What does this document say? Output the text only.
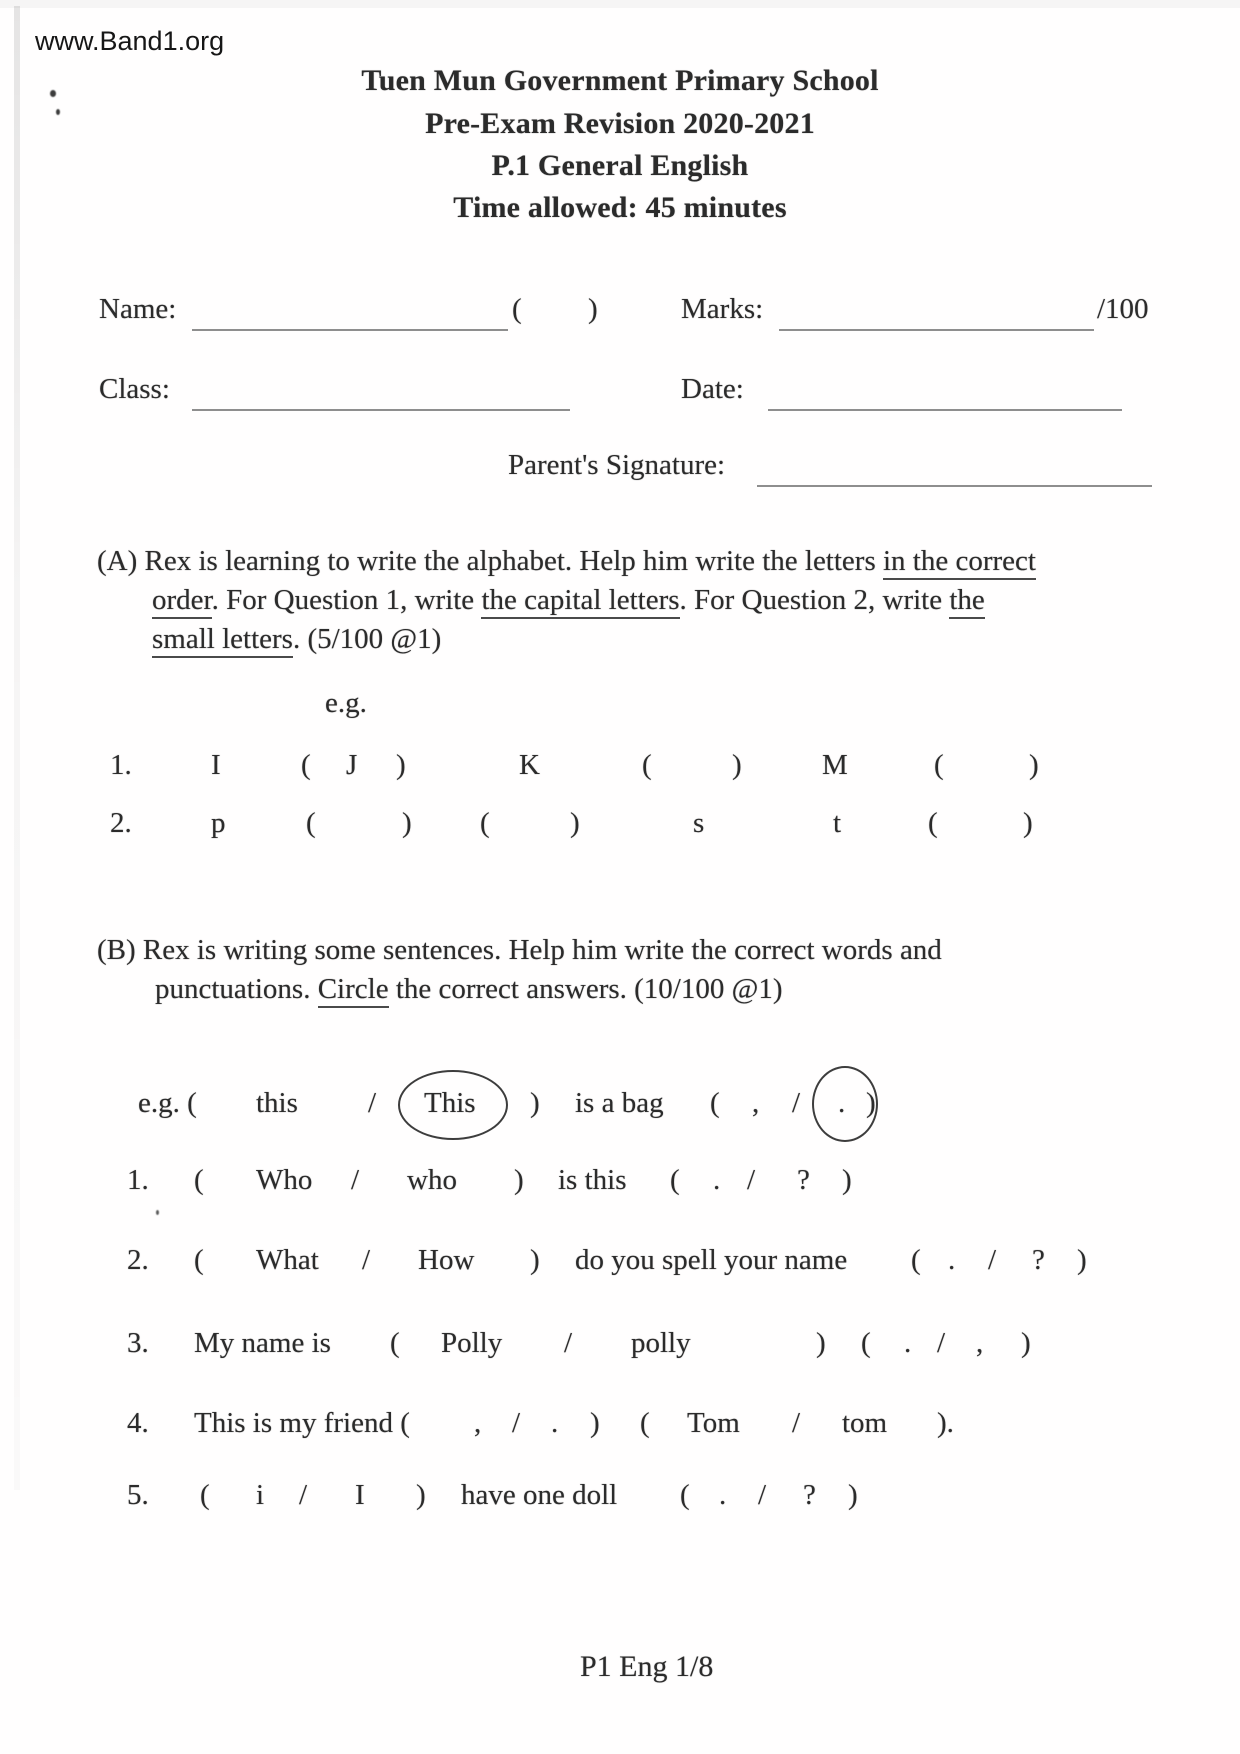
www.Band1.org
Tuen Mun Government Primary School
Pre-Exam Revision 2020-2021
P.1 General English
Time allowed: 45 minutes
Name:	( )	Marks:	/100
Class:	Date:
Parent's Signature:
(A) Rex is learning to write the alphabet. Help him write the letters in the correct
order. For Question 1, write the capital letters. For Question 2, write the
small letters. (5/100 @1)
e.g.
1.	I	( J )	K	(	)	M	(	)
2.	p	(	) (	)	s	t	(	)
(B) Rex is writing some sentences. Help him write the correct words and
punctuations. Circle the correct answers. (10/100 @1)
e.g. ( this / This ) is a bag ( , / . )
1. ( Who / who ) is this ( . / ? )
2. ( What / How ) do you spell your name ( . / ? )
3. My name is ( Polly / polly	) ( . / , )
4. This is my friend ( , / . ) ( Tom / tom ).
5. ( i / I ) have one doll ( . / ? )
P1 Eng 1/8
